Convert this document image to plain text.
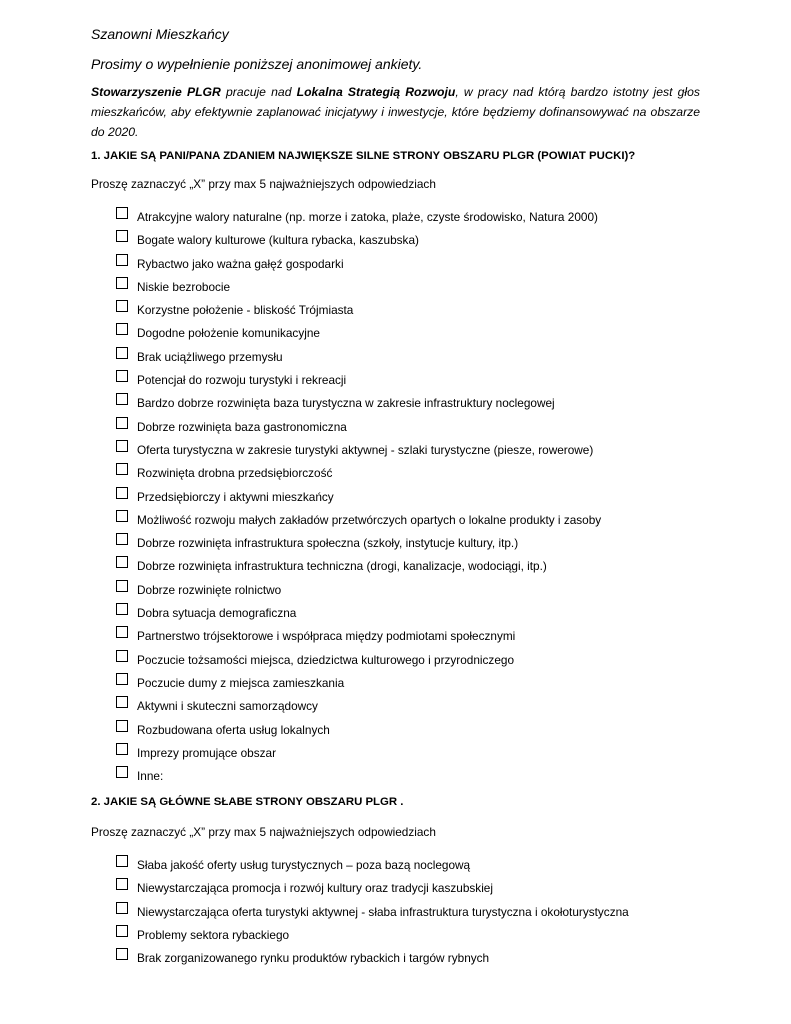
Szanowni Mieszkańcy
Prosimy o wypełnienie poniższej anonimowej ankiety.
Stowarzyszenie PLGR pracuje nad Lokalna Strategią Rozwoju, w pracy nad którą bardzo istotny jest głos mieszkańców, aby efektywnie zaplanować inicjatywy i inwestycje, które będziemy dofinansowywać na obszarze do 2020.
1. JAKIE SĄ PANI/PANA ZDANIEM NAJWIĘKSZE SILNE STRONY OBSZARU PLGR (POWIAT PUCKI)?
Proszę zaznaczyć „X” przy max 5 najważniejszych odpowiedziach
Atrakcyjne walory naturalne (np. morze i zatoka, plaże, czyste środowisko, Natura 2000)
Bogate walory kulturowe (kultura rybacka, kaszubska)
Rybactwo jako ważna gałęź gospodarki
Niskie bezrobocie
Korzystne położenie - bliskość Trójmiasta
Dogodne położenie komunikacyjne
Brak uciążliwego przemysłu
Potencjał do rozwoju turystyki i rekreacji
Bardzo dobrze rozwinięta baza turystyczna w zakresie infrastruktury noclegowej
Dobrze rozwinięta baza gastronomiczna
Oferta turystyczna w zakresie turystyki aktywnej - szlaki turystyczne (piesze, rowerowe)
Rozwinięta drobna przedsiębiorczość
Przedsiębiorczy i aktywni mieszkańcy
Możliwość rozwoju małych zakładów przetwórczych opartych o lokalne produkty i zasoby
Dobrze rozwinięta infrastruktura społeczna (szkoły, instytucje kultury, itp.)
Dobrze rozwinięta infrastruktura techniczna (drogi, kanalizacje, wodociągi, itp.)
Dobrze rozwinięte rolnictwo
Dobra sytuacja demograficzna
Partnerstwo trójsektorowe i współpraca między podmiotami społecznymi
Poczucie tożsamości miejsca, dziedzictwa kulturowego i przyrodniczego
Poczucie dumy z miejsca zamieszkania
Aktywni i skuteczni samorządowcy
Rozbudowana oferta usług lokalnych
Imprezy promujące obszar
Inne:
2. JAKIE SĄ GŁÓWNE SŁABE STRONY OBSZARU PLGR .
Proszę zaznaczyć „X” przy max 5 najważniejszych odpowiedziach
Słaba jakość oferty usług turystycznych – poza bazą noclegową
Niewystarczająca promocja i rozwój kultury oraz tradycji kaszubskiej
Niewystarczająca oferta turystyki aktywnej - słaba infrastruktura turystyczna i okołoturystyczna
Problemy sektora rybackiego
Brak zorganizowanego rynku produktów rybackich i targów rybnych
